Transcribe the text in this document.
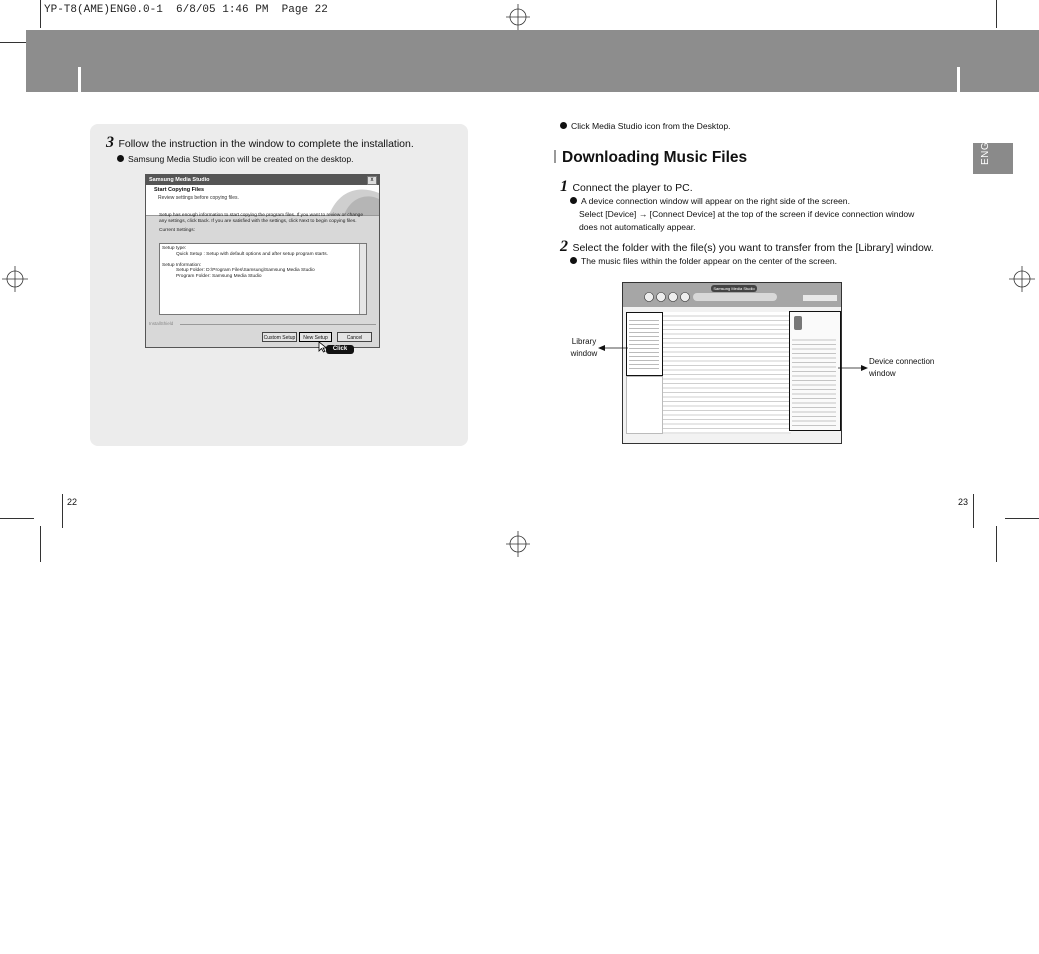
YP-T8(AME)ENG0.0-1  6/8/05 1:46 PM  Page 22
3 Follow the instruction in the window to complete the installation.
Samsung Media Studio icon will be created on the desktop.
Samsung Media Studio	x
Start Copying Files
Review settings before copying files.
Setup has enough information to start copying the program files. If you want to review or change any settings, click Back. If you are satisfied with the settings, click Next to begin copying files.
Current Settings:
Setup type:
Quick Setup : Setup with default options and after setup program starts.
Setup Information:
Setup Folder: D:\Program Files\Samsung\Samsung Media Studio
Program Folder: Samsung Media Studio
InstallShield
Custom Setup	New Setup	Cancel
Click
22
Click Media Studio icon from the Desktop.
Downloading Music Files	ENG
1 Connect the player to PC.
A device connection window will appear on the right side of the screen.
Select [Device] → [Connect Device] at the top of the screen if device connection window
does not automatically appear.
2 Select the folder with the file(s) you want to transfer from the [Library] window.
The music files within the folder appear on the center of the screen.
Samsung Media Studio
Library
window
Device connection
window
23
